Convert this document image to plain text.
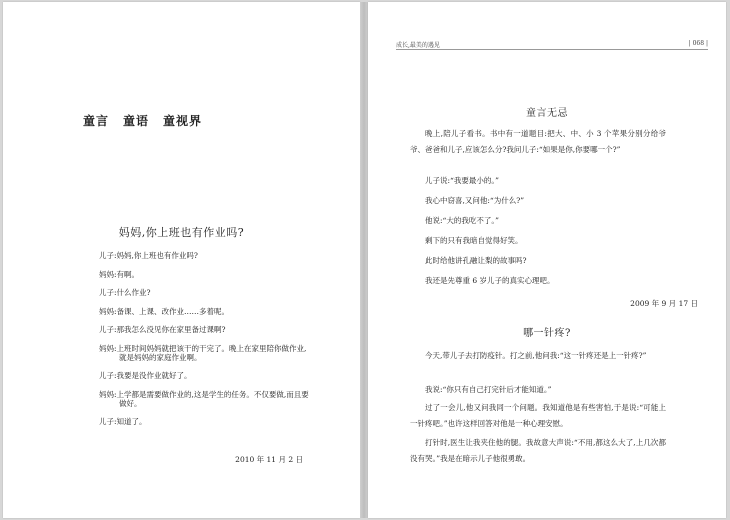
童言 童语 童视界
妈妈,你上班也有作业吗?
儿子:妈妈,你上班也有作业吗?
妈妈:有啊。
儿子:什么作业?
妈妈:备课、上课、改作业……多着呢。
儿子:那我怎么没见你在家里备过课啊?
妈妈:上班时间妈妈就把该干的干完了。晚上在家里陪你做作业,就是妈妈的家庭作业啊。
儿子:我要是没作业就好了。
妈妈:上学都是需要做作业的,这是学生的任务。不仅要做,而且要做好。
儿子:知道了。
2010 年 11 月 2 日
成长,最美的遇见	| 068 |
童言无忌
晚上,陪儿子看书。书中有一道题目:把大、中、小 3 个苹果分别分给爷爷、爸爸和儿子,应该怎么分?我问儿子:“如果是你,你要哪一个?”
儿子说:“我要最小的。”
我心中窃喜,又问他:“为什么?”
他说:“大的我吃不了。”
剩下的只有我暗自觉得好笑。
此时给他讲孔融让梨的故事吗?
我还是先尊重 6 岁儿子的真实心理吧。
2009 年 9 月 17 日
哪一针疼?
今天,带儿子去打防疫针。打之前,他问我:“这一针疼还是上一针疼?”
我说:“你只有自己打完针后才能知道。”
过了一会儿,他又问我同一个问题。我知道他是有些害怕,于是说:“可能上一针疼吧。”也许这样回答对他是一种心理安慰。
打针时,医生让我夹住他的腿。我故意大声说:“不用,都这么大了,上几次都没有哭。”我是在暗示儿子他很勇敢。
